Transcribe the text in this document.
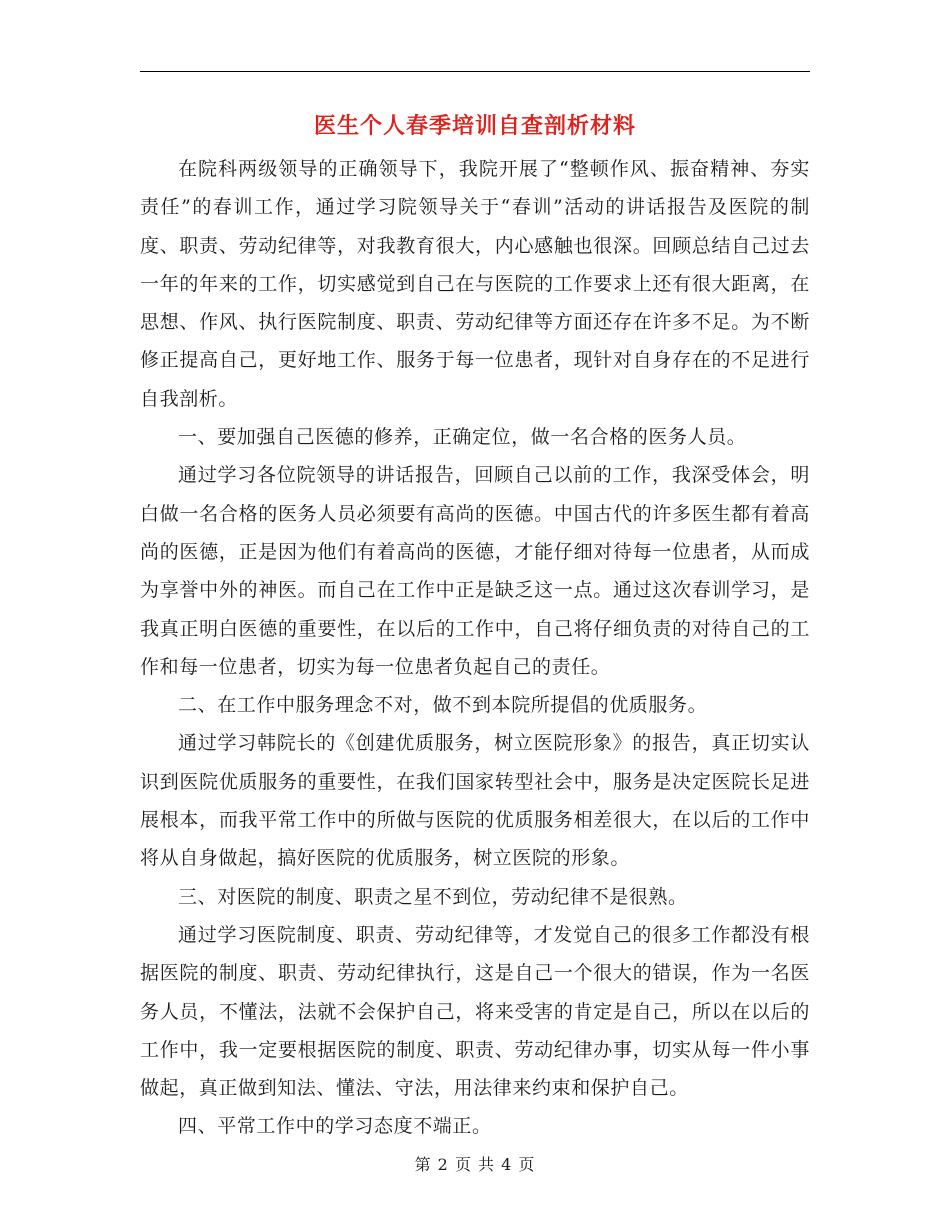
医生个人春季培训自查剖析材料

在院科两级领导的正确领导下，我院开展了“整顿作风、振奋精神、夯实责任”的春训工作，通过学习院领导关于“春训”活动的讲话报告及医院的制度、职责、劳动纪律等，对我教育很大，内心感触也很深。回顾总结自己过去一年的年来的工作，切实感觉到自己在与医院的工作要求上还有很大距离，在思想、作风、执行医院制度、职责、劳动纪律等方面还存在许多不足。为不断修正提高自己，更好地工作、服务于每一位患者，现针对自身存在的不足进行自我剖析。

一、要加强自己医德的修养，正确定位，做一名合格的医务人员。

通过学习各位院领导的讲话报告，回顾自己以前的工作，我深受体会，明白做一名合格的医务人员必须要有高尚的医德。中国古代的许多医生都有着高尚的医德，正是因为他们有着高尚的医德，才能仔细对待每一位患者，从而成为享誉中外的神医。而自己在工作中正是缺乏这一点。通过这次春训学习，是我真正明白医德的重要性，在以后的工作中，自己将仔细负责的对待自己的工作和每一位患者，切实为每一位患者负起自己的责任。

二、在工作中服务理念不对，做不到本院所提倡的优质服务。

通过学习韩院长的《创建优质服务，树立医院形象》的报告，真正切实认识到医院优质服务的重要性，在我们国家转型社会中，服务是决定医院长足进展根本，而我平常工作中的所做与医院的优质服务相差很大，在以后的工作中将从自身做起，搞好医院的优质服务，树立医院的形象。

三、对医院的制度、职责之星不到位，劳动纪律不是很熟。

通过学习医院制度、职责、劳动纪律等，才发觉自己的很多工作都没有根据医院的制度、职责、劳动纪律执行，这是自己一个很大的错误，作为一名医务人员，不懂法，法就不会保护自己，将来受害的肯定是自己，所以在以后的工作中，我一定要根据医院的制度、职责、劳动纪律办事，切实从每一件小事做起，真正做到知法、懂法、守法，用法律来约束和保护自己。

四、平常工作中的学习态度不端正。

第 2 页 共 4 页
